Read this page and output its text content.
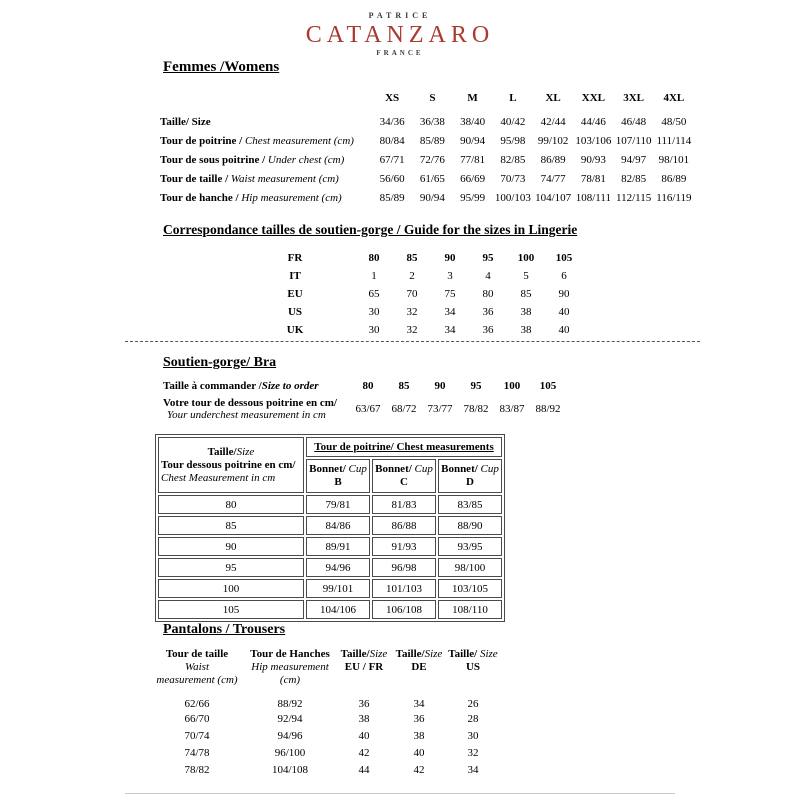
PATRICE
CATANZARO
FRANCE
Femmes /Womens
	XS	S	M	L	XL	XXL	3XL	4XL
Taille/ Size	34/36	36/38	38/40	40/42	42/44	44/46	46/48	48/50
Tour de poitrine / Chest measurement (cm)	80/84	85/89	90/94	95/98	99/102	103/106	107/110	111/114
Tour de sous poitrine / Under chest (cm)	67/71	72/76	77/81	82/85	86/89	90/93	94/97	98/101
Tour de taille / Waist measurement (cm)	56/60	61/65	66/69	70/73	74/77	78/81	82/85	86/89
Tour de hanche / Hip measurement (cm)	85/89	90/94	95/99	100/103	104/107	108/111	112/115	116/119
Correspondance tailles de soutien-gorge / Guide for the sizes in Lingerie
FR	80	85	90	95	100	105
IT	1	2	3	4	5	6
EU	65	70	75	80	85	90
US	30	32	34	36	38	40
UK	30	32	34	36	38	40
Soutien-gorge/ Bra
Taille à commander /Size to order	80	85	90	95	100	105

Votre tour de dessous poitrine en cm/
Your underchest measurement in cm	63/67	68/72	73/77	78/82	83/87	88/92
Taille/Size
Tour dessous poitrine en cm/
Chest Measurement in cm	Tour de poitrine/ Chest measurements		

Bonnet/ Cup
B

Bonnet/ Cup
C

Bonnet/ Cup
D

80	79/81	81/83	83/85
85	84/86	86/88	88/90
90	89/91	91/93	93/95
95	94/96	96/98	98/100
100	99/101	101/103	103/105
105	104/106	106/108	108/110
Pantalons / Trousers
Tour de taille
Waist
measurement (cm)

Tour de Hanches
Hip measurement
(cm)

Taille/Size
EU / FR

Taille/Size
DE

Taille/ Size
US

62/66	88/92	36	34	26
66/70	92/94	38	36	28
70/74	94/96	40	38	30
74/78	96/100	42	40	32
78/82	104/108	44	42	34
